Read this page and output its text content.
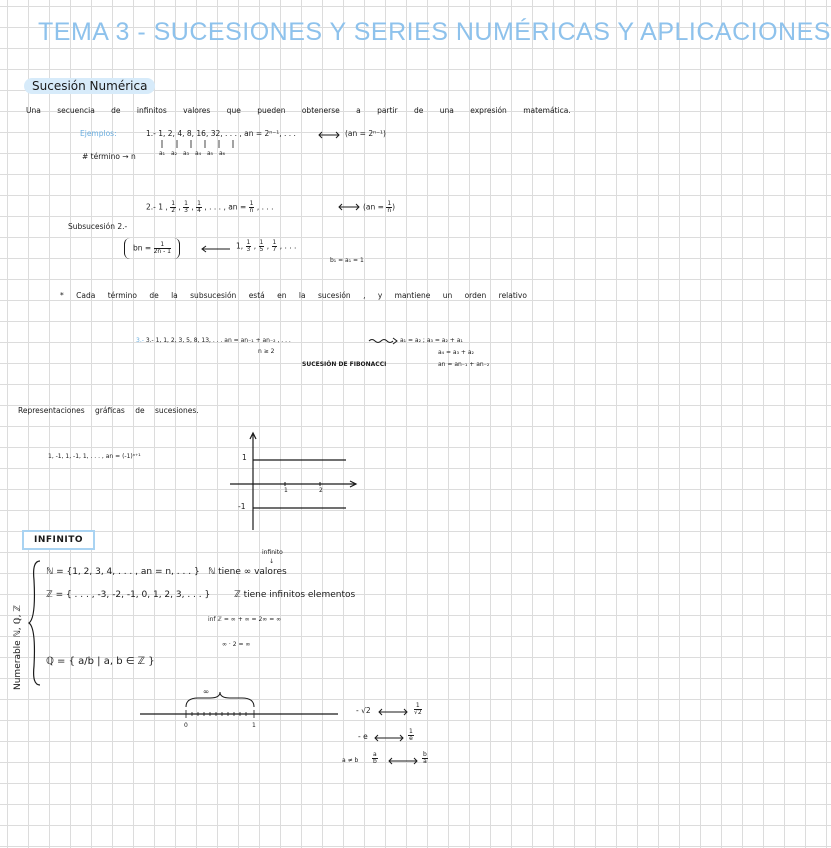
TEMA 3 - SUCESIONES Y SERIES NUMÉRICAS Y APLICACIONES
Sucesión Numérica
Una secuencia de infinitos valores que pueden obtenerse a partir de una expresión matemática.
Ejemplos:	1.- 1, 2, 4, 8, 16, 32, . . . , an = 2ⁿ⁻¹, . . .	(an = 2ⁿ⁻¹)
a₁ a₂ a₃ a₄ a₅ a₆
# término → n
2.- 1 , $\frac{1}{2}$ , $\frac{1}{3}$ , $\frac{1}{4}$ , . . . , an = $\frac{1}{n}$ , . . .	($an = \frac{1}{n}$ )
Subsucesión 2.-
bn = $\frac{1}{2n - 1}$	1, $\frac{1}{3}$ , $\frac{1}{5}$ , $\frac{1}{7}$ , . . .
b₁ = a₁ = 1
* Cada término de la subsucesión está en la sucesión , y mantiene un orden relativo
3.- 3.- 1, 1, 2, 3, 5, 8, 13, . . . an = an₋₁ + an₋₂ , . . .
n ≥ 2
a₁ = a₂ ; a₃ = a₂ + a₁
a₄ = a₃ + a₂
an = an₋₁ + an₋₂
SUCESIÓN DE FIBONACCI
Representaciones gráficas de sucesiones.
1, -1, 1, -1, 1, . . . , an = (-1)ⁿ⁺¹	1
-1
1	2
INFINITO
Numerable ℕ, ℚ, ℤ
infinito
↓
ℕ = {1, 2, 3, 4, . . . , an = n, . . . } ℕ tiene ∞ valores
ℤ = { . . . , -3, -2, -1, 0, 1, 2, 3, . . . }	ℤ tiene infinitos elementos
inf ℤ = ∞ + ∞ = 2∞ = ∞
∞ · 2 = ∞
ℚ = { a/b | a, b ∈ ℤ }
∞
0	1
- √2	$\frac{1}{√2}$
- e	$\frac{1}{e}$
a ≠ b $\frac{a}{b}$	$\frac{b}{a}$
